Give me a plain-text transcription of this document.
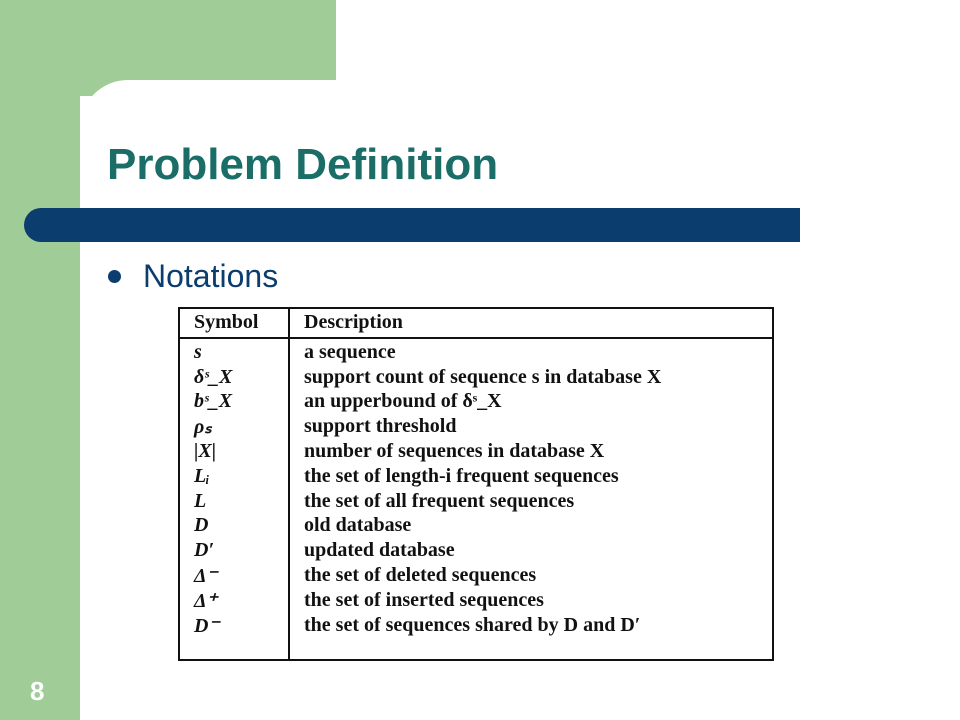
Problem Definition
Notations
Symbol Description
s	a sequence
δˢ_X	support count of sequence s in database X
bˢ_X	an upperbound of δˢ_X
ρₛ	support threshold
|X|	number of sequences in database X
Lᵢ	the set of length-i frequent sequences
L	the set of all frequent sequences
D	old database
D′	updated database
Δ⁻	the set of deleted sequences
Δ⁺	the set of inserted sequences
D⁻	the set of sequences shared by D and D′
8
